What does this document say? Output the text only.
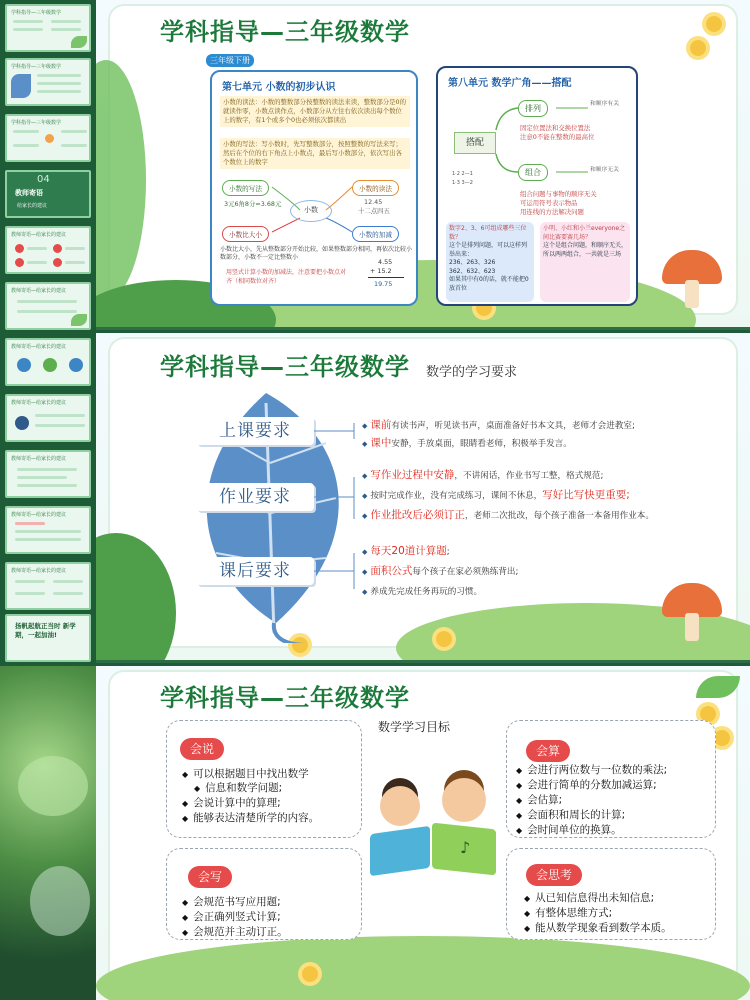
学科指导—三年级数学
学科指导—三年级数学
学科指导—三年级数学
04
教师寄语
给家长的建议
教师寄语—给家长的建议
教师寄语—给家长的建议
教师寄语—给家长的建议
教师寄语—给家长的建议
教师寄语—给家长的建议
教师寄语—给家长的建议
教师寄语—给家长的建议
扬帆起航正当时 新学期，一起加油!
学科指导—三年级数学
三年级下册
第七单元 小数的初步认识
小数的读法：小数的整数部分按整数的读法来读，整数部分是0的就读作零，小数点读作点，小数部分从左往右依次读出每个数位上的数字，有1个或多个0也必须依次都读出
小数的写法：写小数时，先写整数部分，按照整数的写法来写；然后在个位的右下角点上小数点，最后写小数部分，依次写出各个数位上的数字
小数的写法	小数的读法
小数
3元6角8分=3.68元	12.45
十二点四五
小数比大小	小数的加减
小数比大小，先从整数部分开始比较，如果整数部分相同，再依次比较小数部分，小数不一定比整数小
用竖式计算小数的加减法，注意要把小数点对齐（相同数位对齐）
4.55
+ 15.2
19.75
第八单元 数学广角——搭配
搭配
排列
组合
和顺序有关
和顺序无关
固定位置法和交换位置法
注意0不能在整数的最高位
1·2 2—1
1·3 3—2
组合问题与事物的顺序无关
可运用符号表示物品
用连线的方法解决问题
数字2、3、6可组成哪些三位数？
这个是排列问题，可以这样列举出来：
236、263、326
362、632、623
如果其中有0的话，就不能把0放首位
小明、小红和小兰everyone之间比赛要赛几场？
这个是组合问题，和顺序无关，所以两两组合，一共就是三场
学科指导—三年级数学 数学的学习要求
上课要求
作业要求
课后要求
◆ 课前有读书声，听见读书声，桌面准备好书本文具，老师才会进教室;
◆ 课中安静，手放桌面，眼睛看老师，积极举手发言。
◆ 写作业过程中安静，不讲闲话，作业书写工整，格式规范;
◆ 按时完成作业，没有完成练习，课间不休息，写好比写快更重要;
◆ 作业批改后必须订正，老师二次批改，每个孩子准备一本备用作业本。
◆ 每天20道计算题;
◆ 面积公式每个孩子在家必须熟练背出;
◆ 养成先完成任务再玩的习惯。
学科指导—三年级数学
数学学习目标
会说
◆ 可以根据题目中找出数学
◆ 信息和数学问题;
◆ 会说计算中的算理;
◆ 能够表达清楚所学的内容。
会算
◆ 会进行两位数与一位数的乘法;
◆ 会进行简单的分数加减运算;
◆ 会估算;
◆ 会面积和周长的计算;
◆ 会时间单位的换算。
会写
◆ 会规范书写应用题;
◆ 会正确列竖式计算;
◆ 会规范并主动订正。
会思考
◆ 从已知信息得出未知信息;
◆ 有整体思维方式;
◆ 能从数学现象看到数学本质。
♪
